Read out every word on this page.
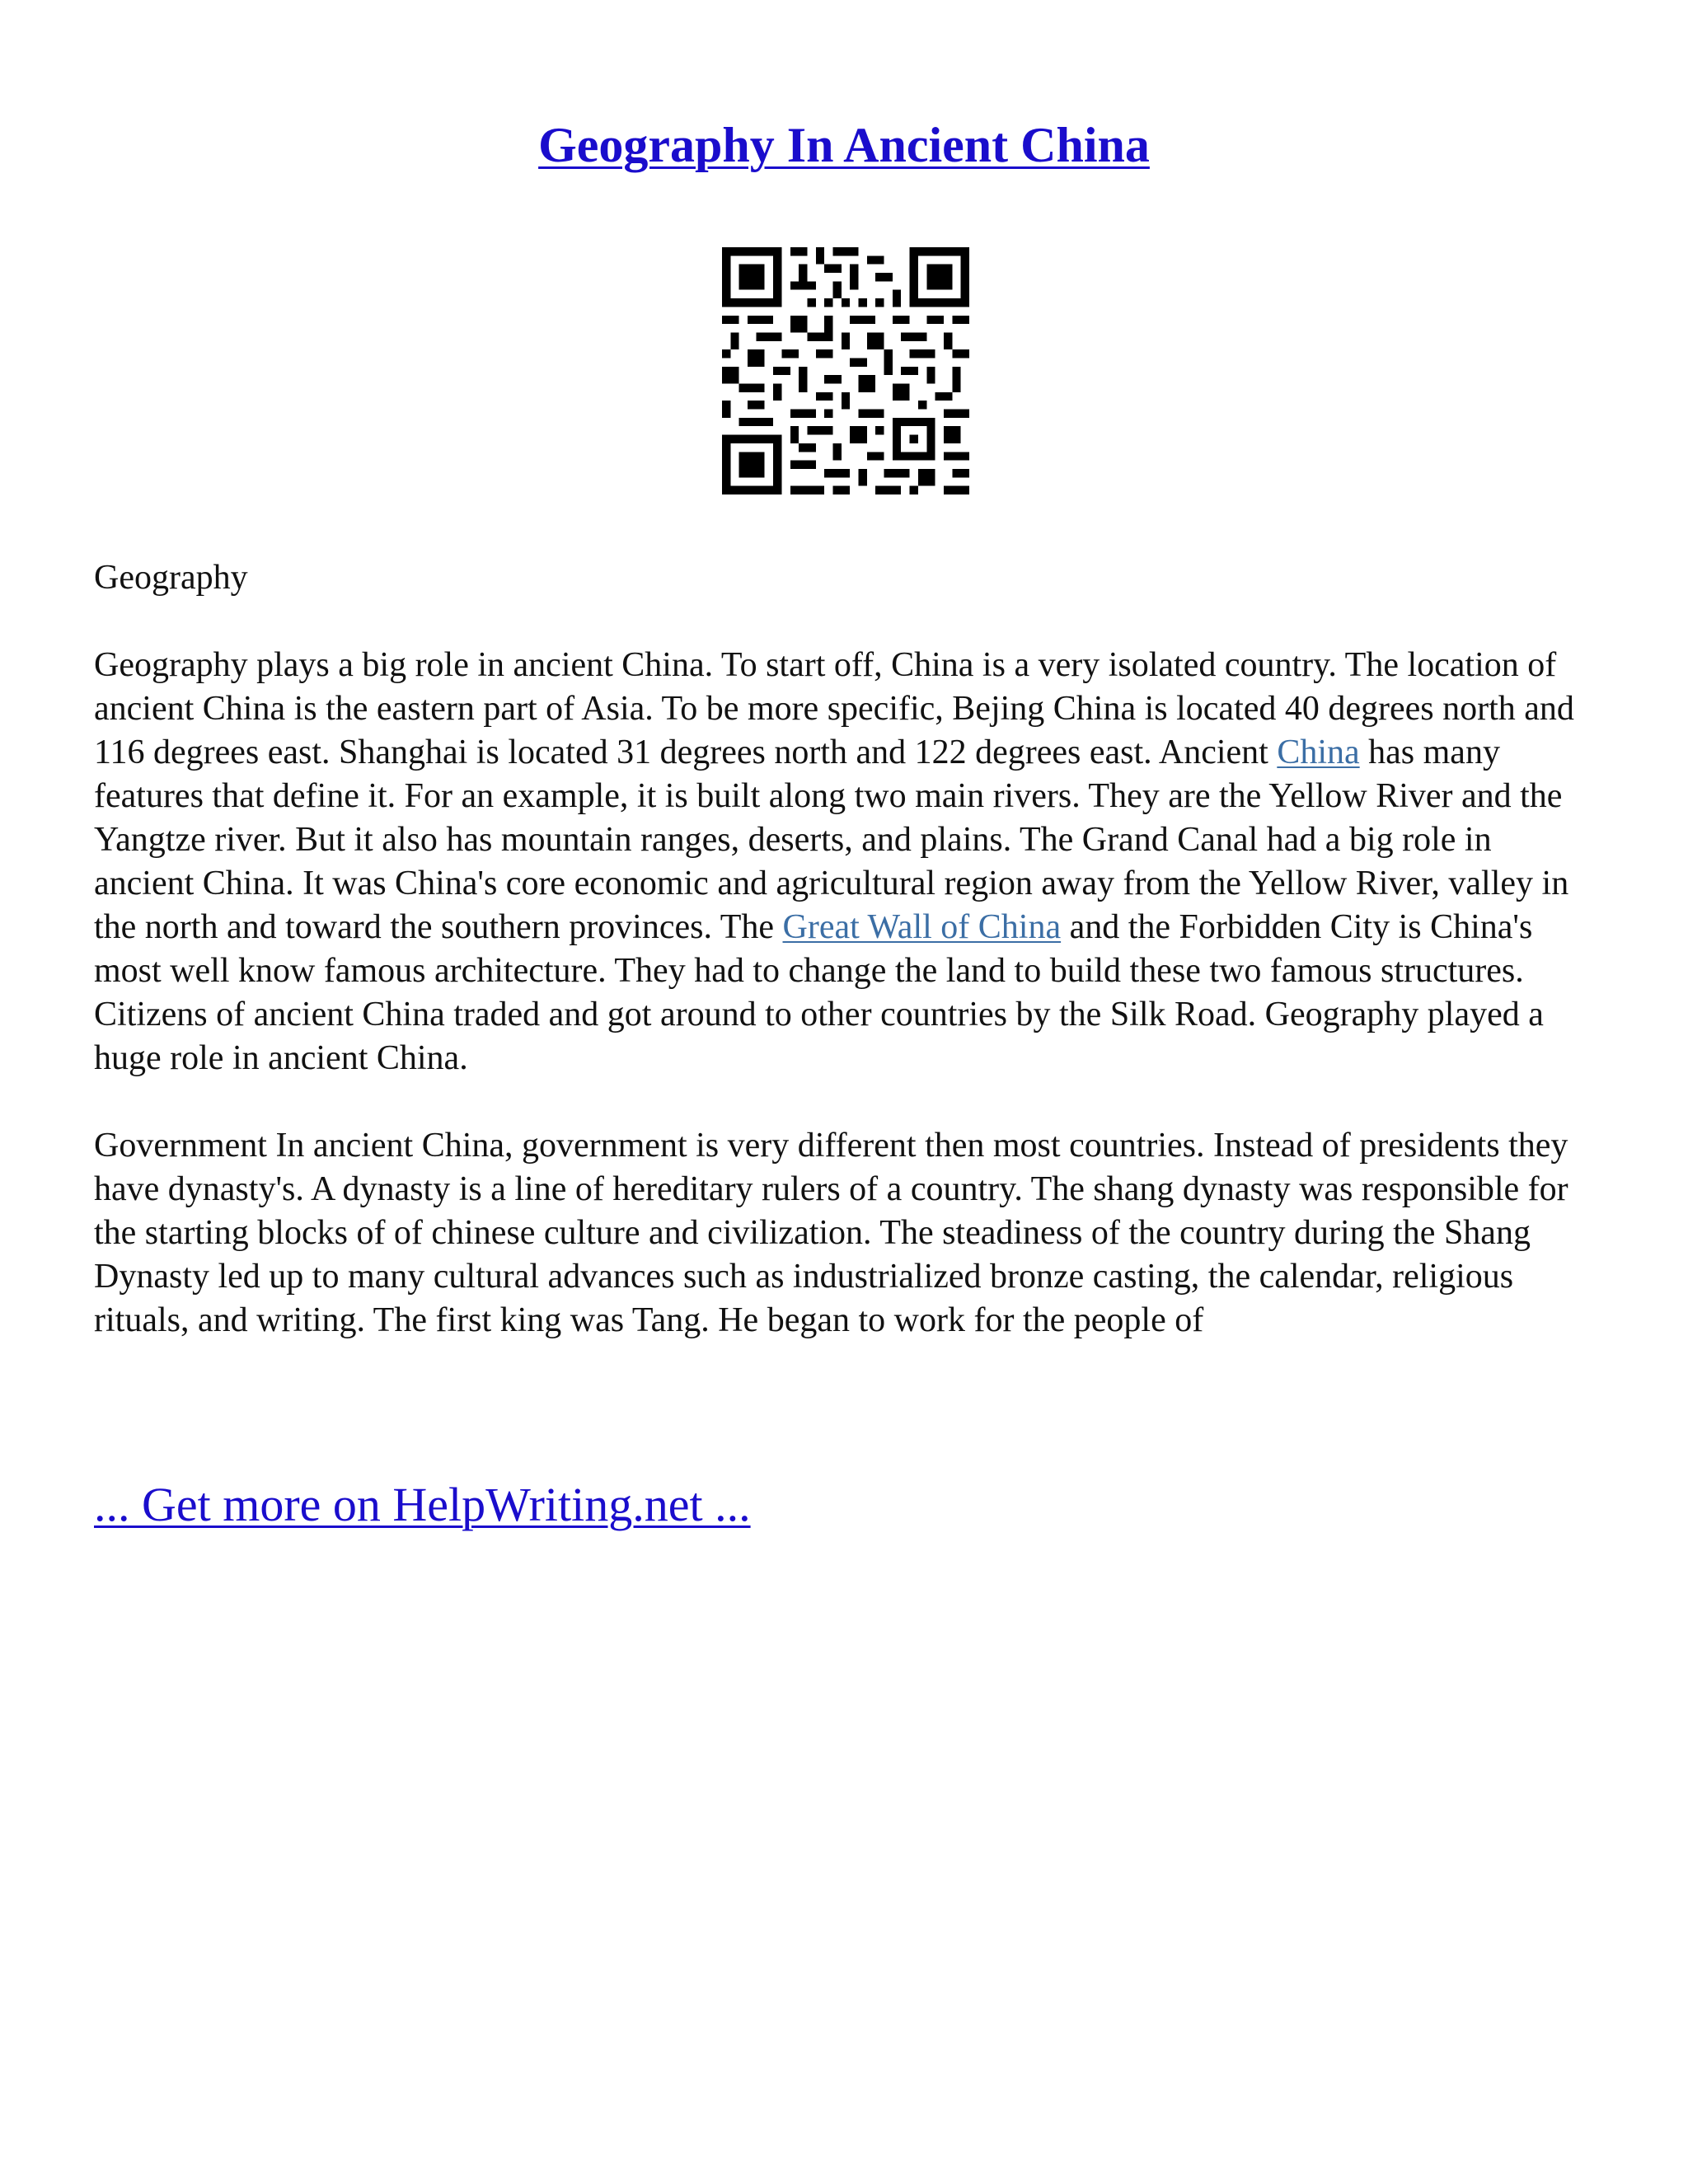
Geography In Ancient China

Geography

Geography plays a big role in ancient China. To start off, China is a very isolated country. The location of ancient China is the eastern part of Asia. To be more specific, Bejing China is located 40 degrees north and 116 degrees east. Shanghai is located 31 degrees north and 122 degrees east. Ancient China has many features that define it. For an example, it is built along two main rivers. They are the Yellow River and the Yangtze river. But it also has mountain ranges, deserts, and plains. The Grand Canal had a big role in ancient China. It was China's core economic and agricultural region away from the Yellow River, valley in the north and toward the southern provinces. The Great Wall of China and the Forbidden City is China's most well know famous architecture. They had to change the land to build these two famous structures. Citizens of ancient China traded and got around to other countries by the Silk Road. Geography played a huge role in ancient China.

Government In ancient China, government is very different then most countries. Instead of presidents they have dynasty's. A dynasty is a line of hereditary rulers of a country. The shang dynasty was responsible for the starting blocks of of chinese culture and civilization. The steadiness of the country during the Shang Dynasty led up to many cultural advances such as industrialized bronze casting, the calendar, religious rituals, and writing. The first king was Tang. He began to work for the people of

... Get more on HelpWriting.net ...
